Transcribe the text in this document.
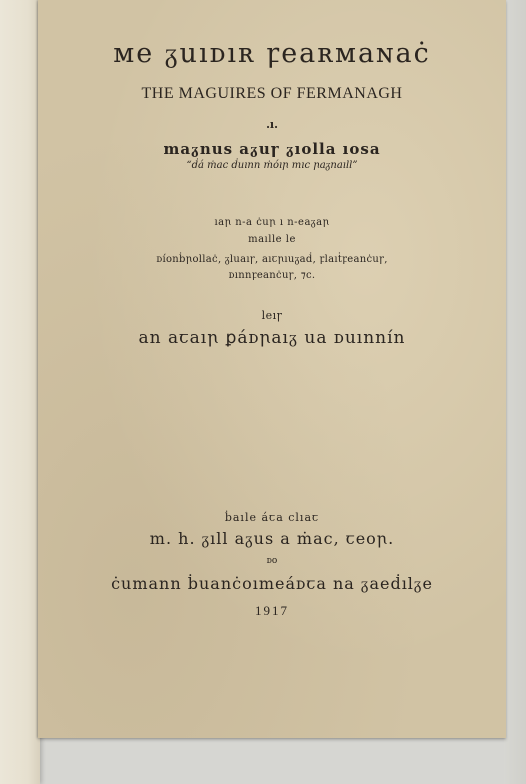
ᴍe ᵹuıᴅıʀ ꝼeaʀᴍaɴaċ
THE MAGUIRES OF FERMANAGH
.ı.
maᵹnus aᵹuꞅ ᵹıolla ıosa
“ḋá ṁac ḋuınn ṁóıꞃ mıc ꞃaᵹnaıll”
ıaꞃ n-a ċuꞃ ı n-eaᵹaꞃ
maılle le
ᴅíonḃꞃollaċ, ᵹluaıꞅ, aıꞇꞃıuᵹaḋ, ꝼlaıṫꝼeanċuꞅ,
ᴅınnꝼeanċuꞅ, ⁊c.
leıꞅ
an aꞇaıꞃ ꝑáᴅꞃaıᵹ ua ᴅuınnín
ḃaıle áꞇa clıaꞇ
m. h. ᵹıll aᵹus a ṁac, ꞇeoꞃ.
ᴅo
ċumann ḃuanċoımeáᴅꞇa na ᵹaeḋılᵹe
1917
